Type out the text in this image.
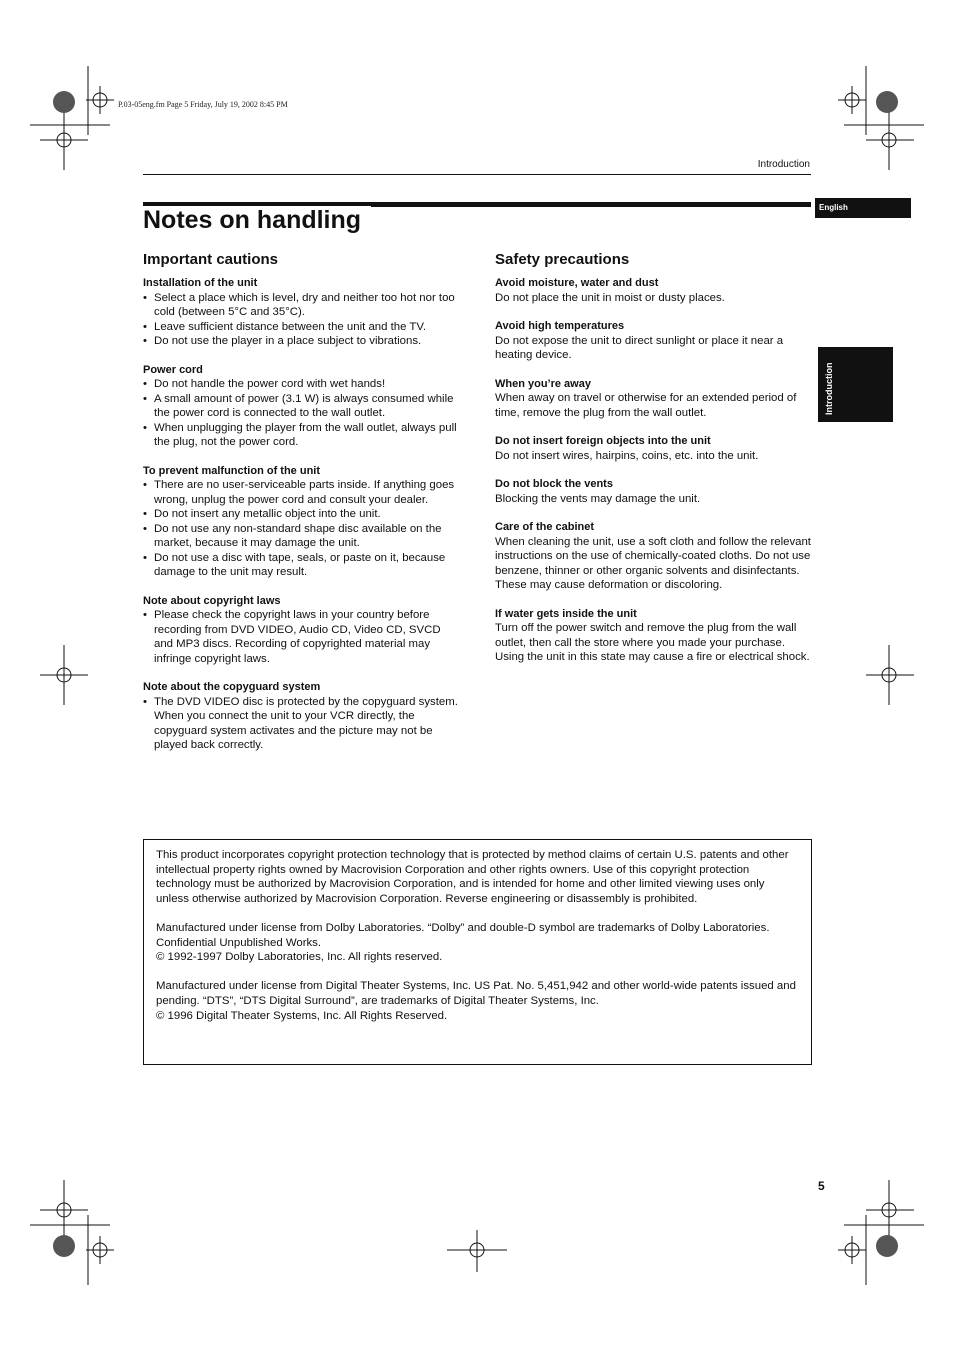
P.03-05eng.fm Page 5 Friday, July 19, 2002 8:45 PM
Introduction
Notes on handling	English
Introduction
Important cautions
Installation of the unit
• Select a place which is level, dry and neither too hot nor too cold (between 5°C and 35°C).
• Leave sufficient distance between the unit and the TV.
• Do not use the player in a place subject to vibrations.
Power cord
• Do not handle the power cord with wet hands!
• A small amount of power (3.1 W) is always consumed while the power cord is connected to the wall outlet.
• When unplugging the player from the wall outlet, always pull the plug, not the power cord.
To prevent malfunction of the unit
• There are no user-serviceable parts inside. If anything goes wrong, unplug the power cord and consult your dealer.
• Do not insert any metallic object into the unit.
• Do not use any non-standard shape disc available on the market, because it may damage the unit.
• Do not use a disc with tape, seals, or paste on it, because damage to the unit may result.
Note about copyright laws
• Please check the copyright laws in your country before recording from DVD VIDEO, Audio CD, Video CD, SVCD and MP3 discs. Recording of copyrighted material may infringe copyright laws.
Note about the copyguard system
• The DVD VIDEO disc is protected by the copyguard system. When you connect the unit to your VCR directly, the copyguard system activates and the picture may not be played back correctly.
Safety precautions
Avoid moisture, water and dust

Do not place the unit in moist or dusty places.

Avoid high temperatures

Do not expose the unit to direct sunlight or place it near a heating device.

When you’re away

When away on travel or otherwise for an extended period of time, remove the plug from the wall outlet.

Do not insert foreign objects into the unit

Do not insert wires, hairpins, coins, etc. into the unit.

Do not block the vents

Blocking the vents may damage the unit.

Care of the cabinet

When cleaning the unit, use a soft cloth and follow the relevant instructions on the use of chemically-coated cloths. Do not use benzene, thinner or other organic solvents and disinfectants. These may cause deformation or discoloring.

If water gets inside the unit

Turn off the power switch and remove the plug from the wall outlet, then call the store where you made your purchase. Using the unit in this state may cause a fire or electrical shock.

This product incorporates copyright protection technology that is protected by method claims of certain U.S. patents and other intellectual property rights owned by Macrovision Corporation and other rights owners. Use of this copyright protection technology must be authorized by Macrovision Corporation, and is intended for home and other limited viewing uses only unless otherwise authorized by Macrovision Corporation. Reverse engineering or disassembly is prohibited.

Manufactured under license from Dolby Laboratories. “Dolby” and double-D symbol are trademarks of Dolby Laboratories.

Confidential Unpublished Works.

© 1992-1997 Dolby Laboratories, Inc. All rights reserved.

Manufactured under license from Digital Theater Systems, Inc. US Pat. No. 5,451,942 and other world-wide patents issued and pending. “DTS”, “DTS Digital Surround”, are trademarks of Digital Theater Systems, Inc.

© 1996 Digital Theater Systems, Inc. All Rights Reserved.

5
